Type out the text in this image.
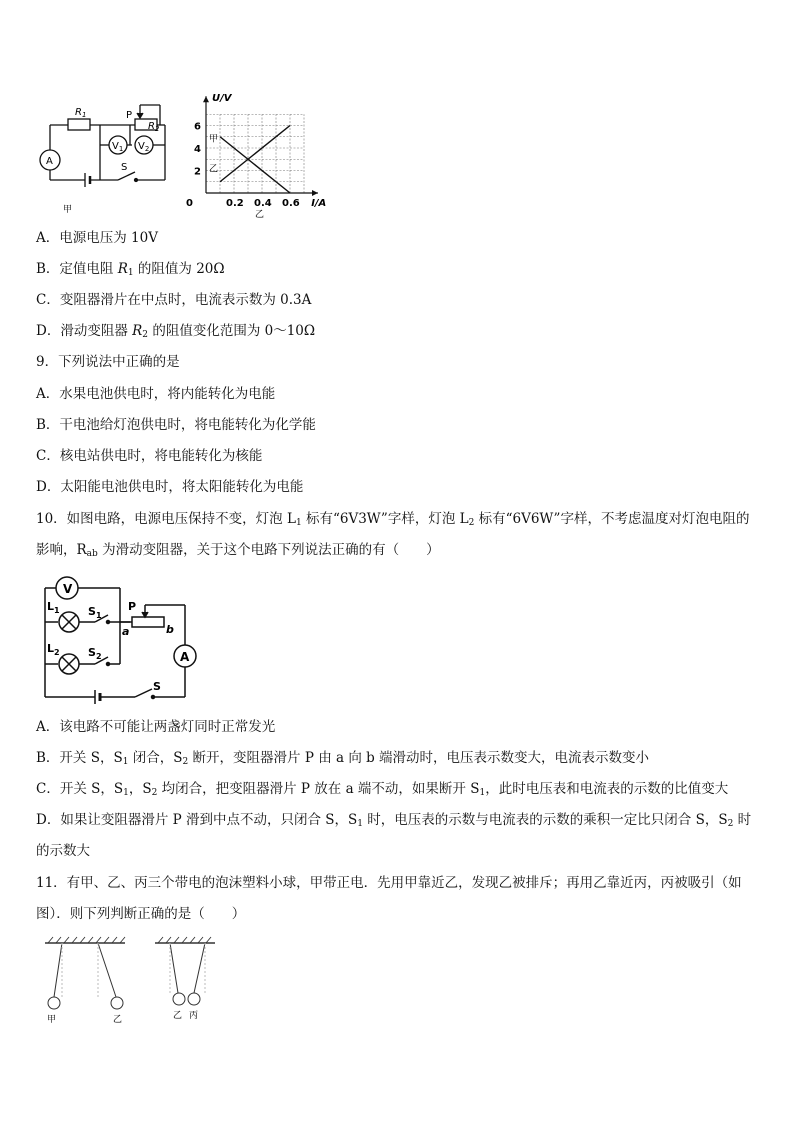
$R_1$	P
$R_2$
$V_1$ $V_2$
A
S
甲
2
4
6
0.2 0.4 0.6
0
U/V
I/A
甲
乙
乙
A．电源电压为 10V
B．定值电阻 $R_1$ 的阻值为 20Ω
C．变阻器滑片在中点时，电流表示数为 0.3A
D．滑动变阻器 $R_2$ 的阻值变化范围为 0～10Ω
9．下列说法中正确的是
A．水果电池供电时，将内能转化为电能
B．干电池给灯泡供电时，将电能转化为化学能
C．核电站供电时，将电能转化为核能
D．太阳能电池供电时，将太阳能转化为电能
10．如图电路，电源电压保持不变，灯泡 $L_1$ 标有“6V3W”字样，灯泡 $L_2$ 标有“6V6W”字样，不考虑温度对灯泡电阻的
影响，$R_{ab}$ 为滑动变阻器，关于这个电路下列说法正确的有（　　）
V
$L_1$	$S_1$
P
a	b
$L_2$	$S_2$	A
S
A．该电路不可能让两盏灯同时正常发光
B．开关 S，$S_1$ 闭合，$S_2$ 断开，变阻器滑片 P 由 a 向 b 端滑动时，电压表示数变大，电流表示数变小
C．开关 S，$S_1$，$S_2$ 均闭合，把变阻器滑片 P 放在 a 端不动，如果断开 $S_1$，此时电压表和电流表的示数的比值变大
D．如果让变阻器滑片 P 滑到中点不动，只闭合 S，$S_1$ 时，电压表的示数与电流表的示数的乘积一定比只闭合 S，$S_2$ 时
的示数大
11．有甲、乙、丙三个带电的泡沫塑料小球，甲带正电．先用甲靠近乙，发现乙被排斥；再用乙靠近丙，丙被吸引（如
图）．则下列判断正确的是（　　）
甲	乙	乙 丙
